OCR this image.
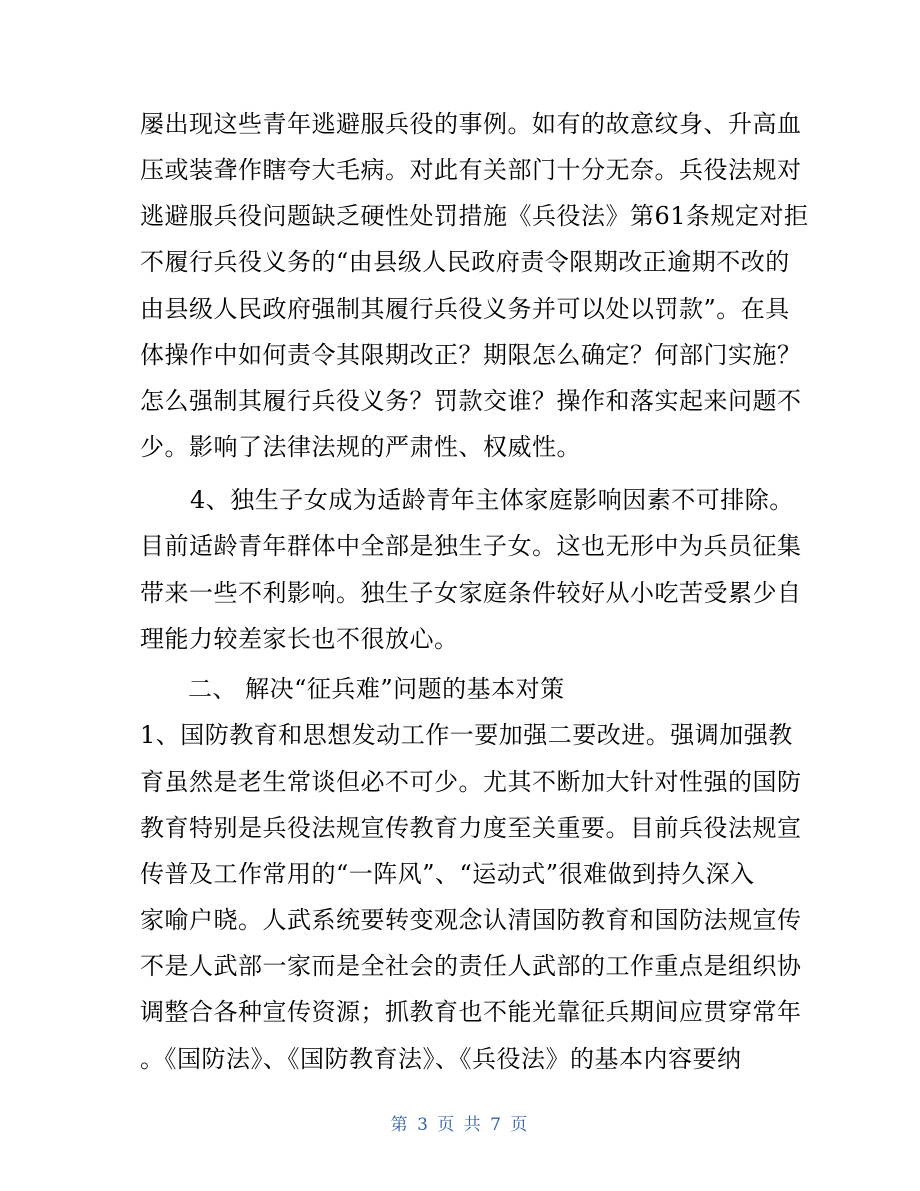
屡出现这些青年逃避服兵役的事例。如有的故意纹身、升高血
压或装聋作瞎夸大毛病。对此有关部门十分无奈。兵役法规对
逃避服兵役问题缺乏硬性处罚措施《兵役法》第61条规定对拒
不履行兵役义务的“由县级人民政府责令限期改正逾期不改的
由县级人民政府强制其履行兵役义务并可以处以罚款”。在具
体操作中如何责令其限期改正？期限怎么确定？何部门实施？
怎么强制其履行兵役义务？罚款交谁？操作和落实起来问题不
少。影响了法律法规的严肃性、权威性。
4、独生子女成为适龄青年主体家庭影响因素不可排除。
目前适龄青年群体中全部是独生子女。这也无形中为兵员征集
带来一些不利影响。独生子女家庭条件较好从小吃苦受累少自
理能力较差家长也不很放心。
二、 解决“征兵难”问题的基本对策
1、国防教育和思想发动工作一要加强二要改进。强调加强教
育虽然是老生常谈但必不可少。尤其不断加大针对性强的国防
教育特别是兵役法规宣传教育力度至关重要。目前兵役法规宣
传普及工作常用的“一阵风”、“运动式”很难做到持久深入
家喻户晓。人武系统要转变观念认清国防教育和国防法规宣传
不是人武部一家而是全社会的责任人武部的工作重点是组织协
调整合各种宣传资源；抓教育也不能光靠征兵期间应贯穿常年
。《国防法》、《国防教育法》、《兵役法》的基本内容要纳
第 3 页 共 7 页
